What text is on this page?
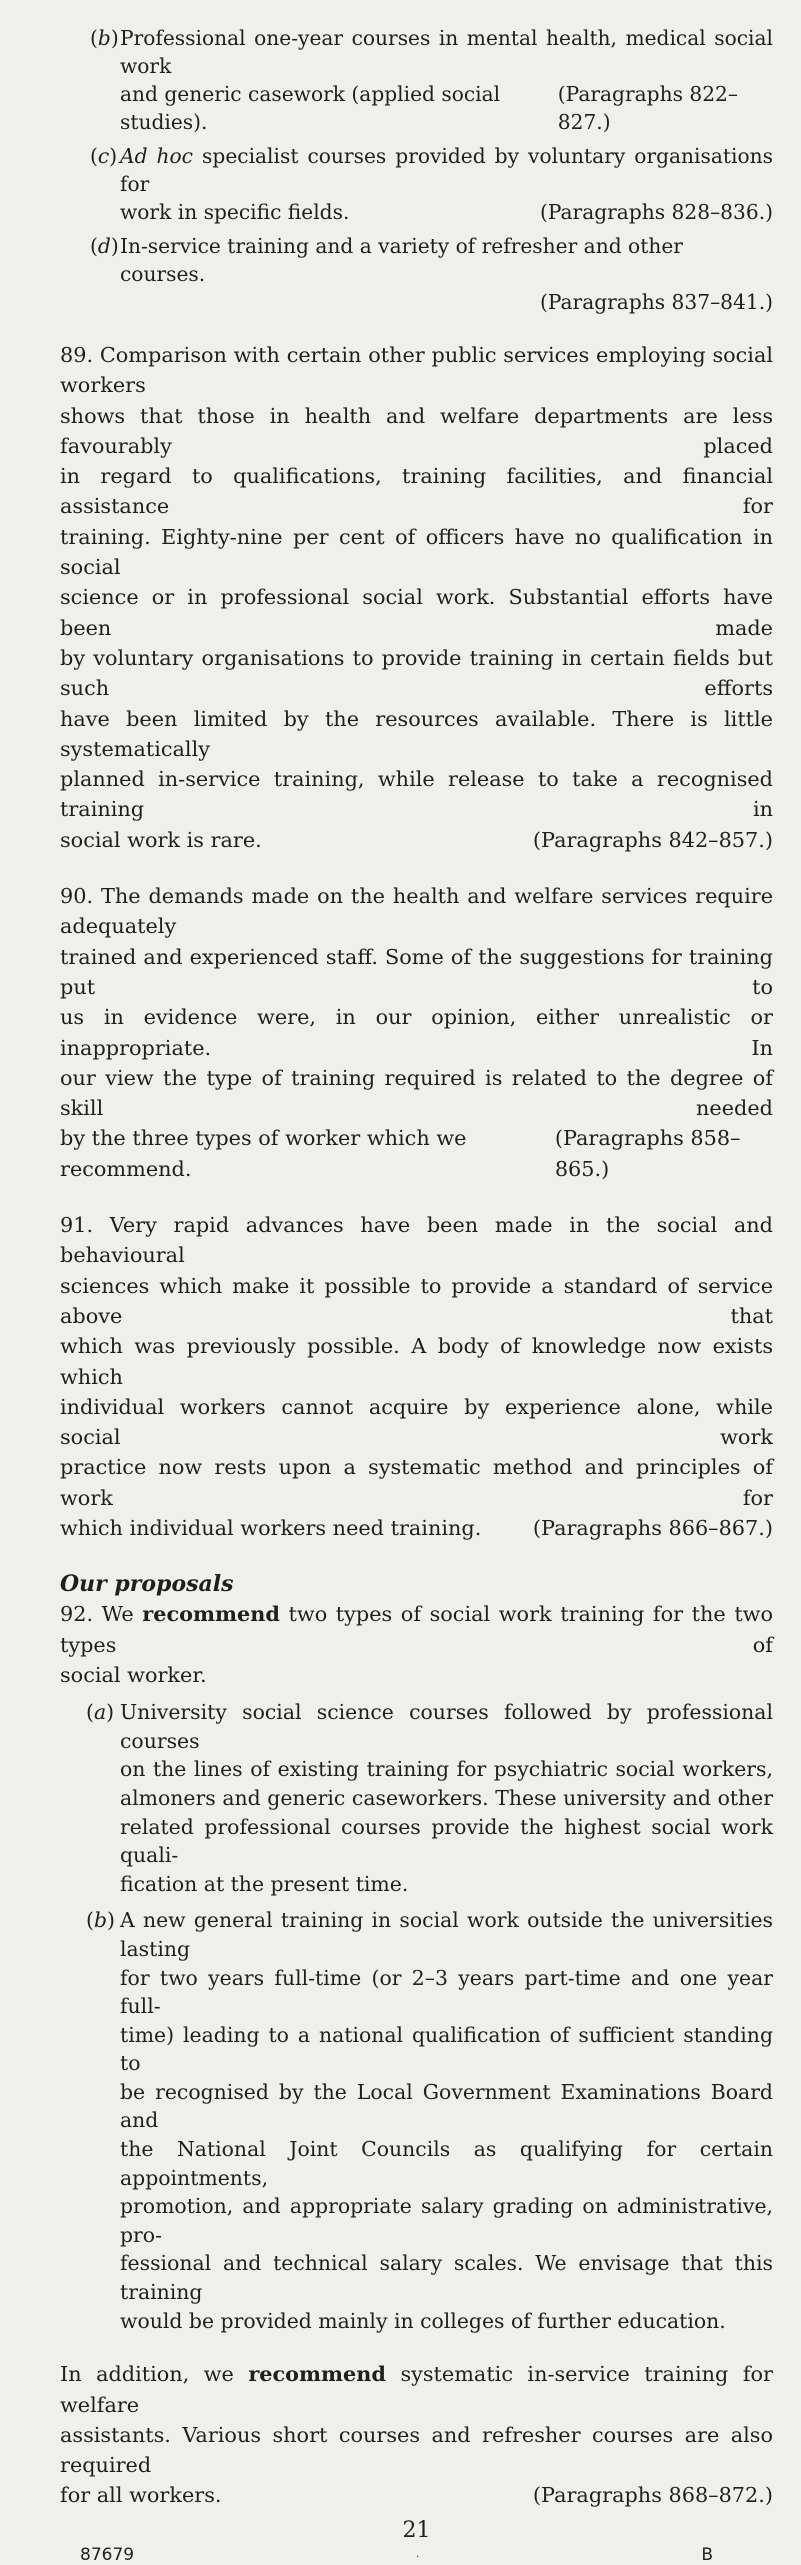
(b) Professional one-year courses in mental health, medical social work

and generic casework (applied social studies).
(Paragraphs 822–827.)
(c) Ad hoc specialist courses provided by voluntary organisations for

work in specific fields.	(Paragraphs 828–836.)
(d) In-service training and a variety of refresher and other courses.

(Paragraphs 837–841.)

89. Comparison with certain other public services employing social workers

shows that those in health and welfare departments are less favourably placed

in regard to qualifications, training facilities, and financial assistance for

training. Eighty-nine per cent of officers have no qualification in social

science or in professional social work. Substantial efforts have been made

by voluntary organisations to provide training in certain fields but such efforts

have been limited by the resources available. There is little systematically

planned in-service training, while release to take a recognised training in

social work is rare.	(Paragraphs 842–857.)

90. The demands made on the health and welfare services require adequately

trained and experienced staff. Some of the suggestions for training put to

us in evidence were, in our opinion, either unrealistic or inappropriate. In

our view the type of training required is related to the degree of skill needed

by the three types of worker which we recommend.
(Paragraphs 858–865.)

91. Very rapid advances have been made in the social and behavioural

sciences which make it possible to provide a standard of service above that

which was previously possible. A body of knowledge now exists which

individual workers cannot acquire by experience alone, while social work

practice now rests upon a systematic method and principles of work for

which individual workers need training. (Paragraphs 866–867.)
Our proposals

92. We recommend two types of social work training for the two types of

social worker.

(a) University social science courses followed by professional courses

on the lines of existing training for psychiatric social workers,

almoners and generic caseworkers. These university and other

related professional courses provide the highest social work quali-

fication at the present time.

(b) A new general training in social work outside the universities lasting

for two years full-time (or 2–3 years part-time and one year full-

time) leading to a national qualification of sufficient standing to

be recognised by the Local Government Examinations Board and

the National Joint Councils as qualifying for certain appointments,

promotion, and appropriate salary grading on administrative, pro-

fessional and technical salary scales. We envisage that this training

would be provided mainly in colleges of further education.

In addition, we recommend systematic in-service training for welfare

assistants. Various short courses and refresher courses are also required

for all workers.	(Paragraphs 868–872.)
21
87679	.	B
